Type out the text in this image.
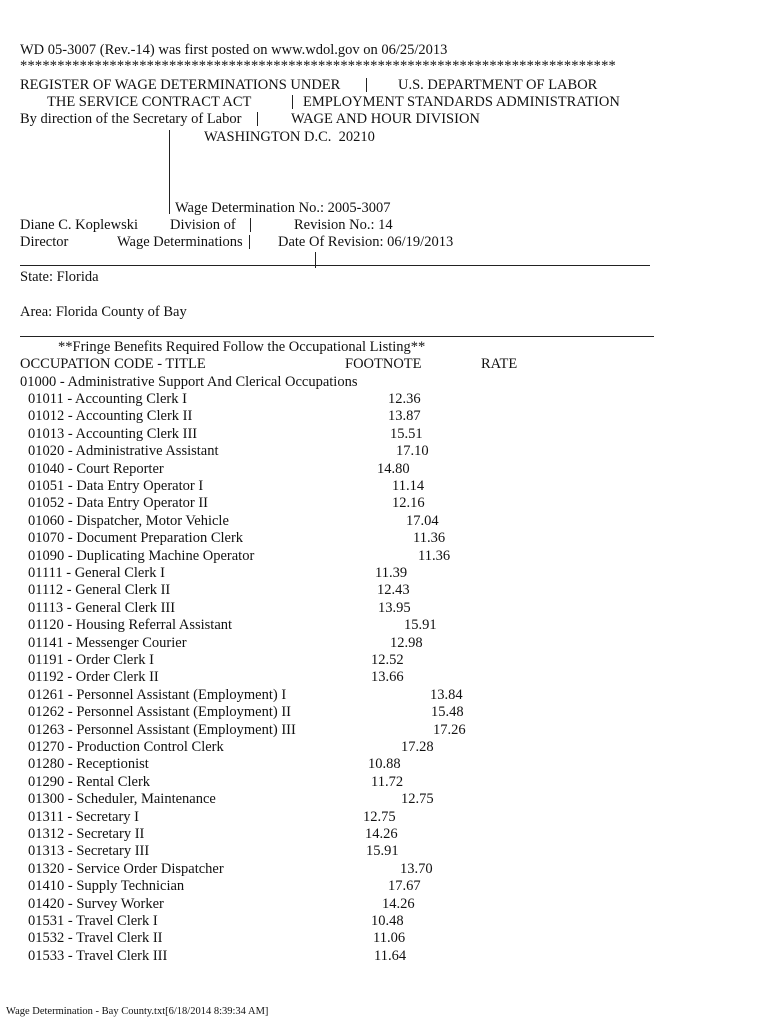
WD 05-3007 (Rev.-14) was first posted on www.wdol.gov on 06/25/2013
********************************************************************************
REGISTER OF WAGE DETERMINATIONS UNDER
THE SERVICE CONTRACT ACT
By direction of the Secretary of Labor
U.S. DEPARTMENT OF LABOR
EMPLOYMENT STANDARDS ADMINISTRATION
WAGE AND HOUR DIVISION
WASHINGTON D.C.  20210
Wage Determination No.: 2005-3007
Diane C. Koplewski Division of	Revision No.: 14
Director	Wage Determinations Date Of Revision: 06/19/2013
State: Florida
Area: Florida County of Bay
**Fringe Benefits Required Follow the Occupational Listing**
OCCUPATION CODE - TITLE	FOOTNOTE	RATE
01000 - Administrative Support And Clerical Occupations
01011 - Accounting Clerk I	12.36
01012 - Accounting Clerk II	13.87
01013 - Accounting Clerk III	15.51
01020 - Administrative Assistant	17.10
01040 - Court Reporter	14.80
01051 - Data Entry Operator I	11.14
01052 - Data Entry Operator II	12.16
01060 - Dispatcher, Motor Vehicle	17.04
01070 - Document Preparation Clerk	11.36
01090 - Duplicating Machine Operator	11.36
01111 - General Clerk I	11.39
01112 - General Clerk II	12.43
01113 - General Clerk III	13.95
01120 - Housing Referral Assistant	15.91
01141 - Messenger Courier	12.98
01191 - Order Clerk I	12.52
01192 - Order Clerk II	13.66
01261 - Personnel Assistant (Employment) I	13.84
01262 - Personnel Assistant (Employment) II	15.48
01263 - Personnel Assistant (Employment) III	17.26
01270 - Production Control Clerk	17.28
01280 - Receptionist	10.88
01290 - Rental Clerk	11.72
01300 - Scheduler, Maintenance	12.75
01311 - Secretary I	12.75
01312 - Secretary II	14.26
01313 - Secretary III	15.91
01320 - Service Order Dispatcher	13.70
01410 - Supply Technician	17.67
01420 - Survey Worker	14.26
01531 - Travel Clerk I	10.48
01532 - Travel Clerk II	11.06
01533 - Travel Clerk III	11.64
Wage Determination - Bay County.txt[6/18/2014 8:39:34 AM]
